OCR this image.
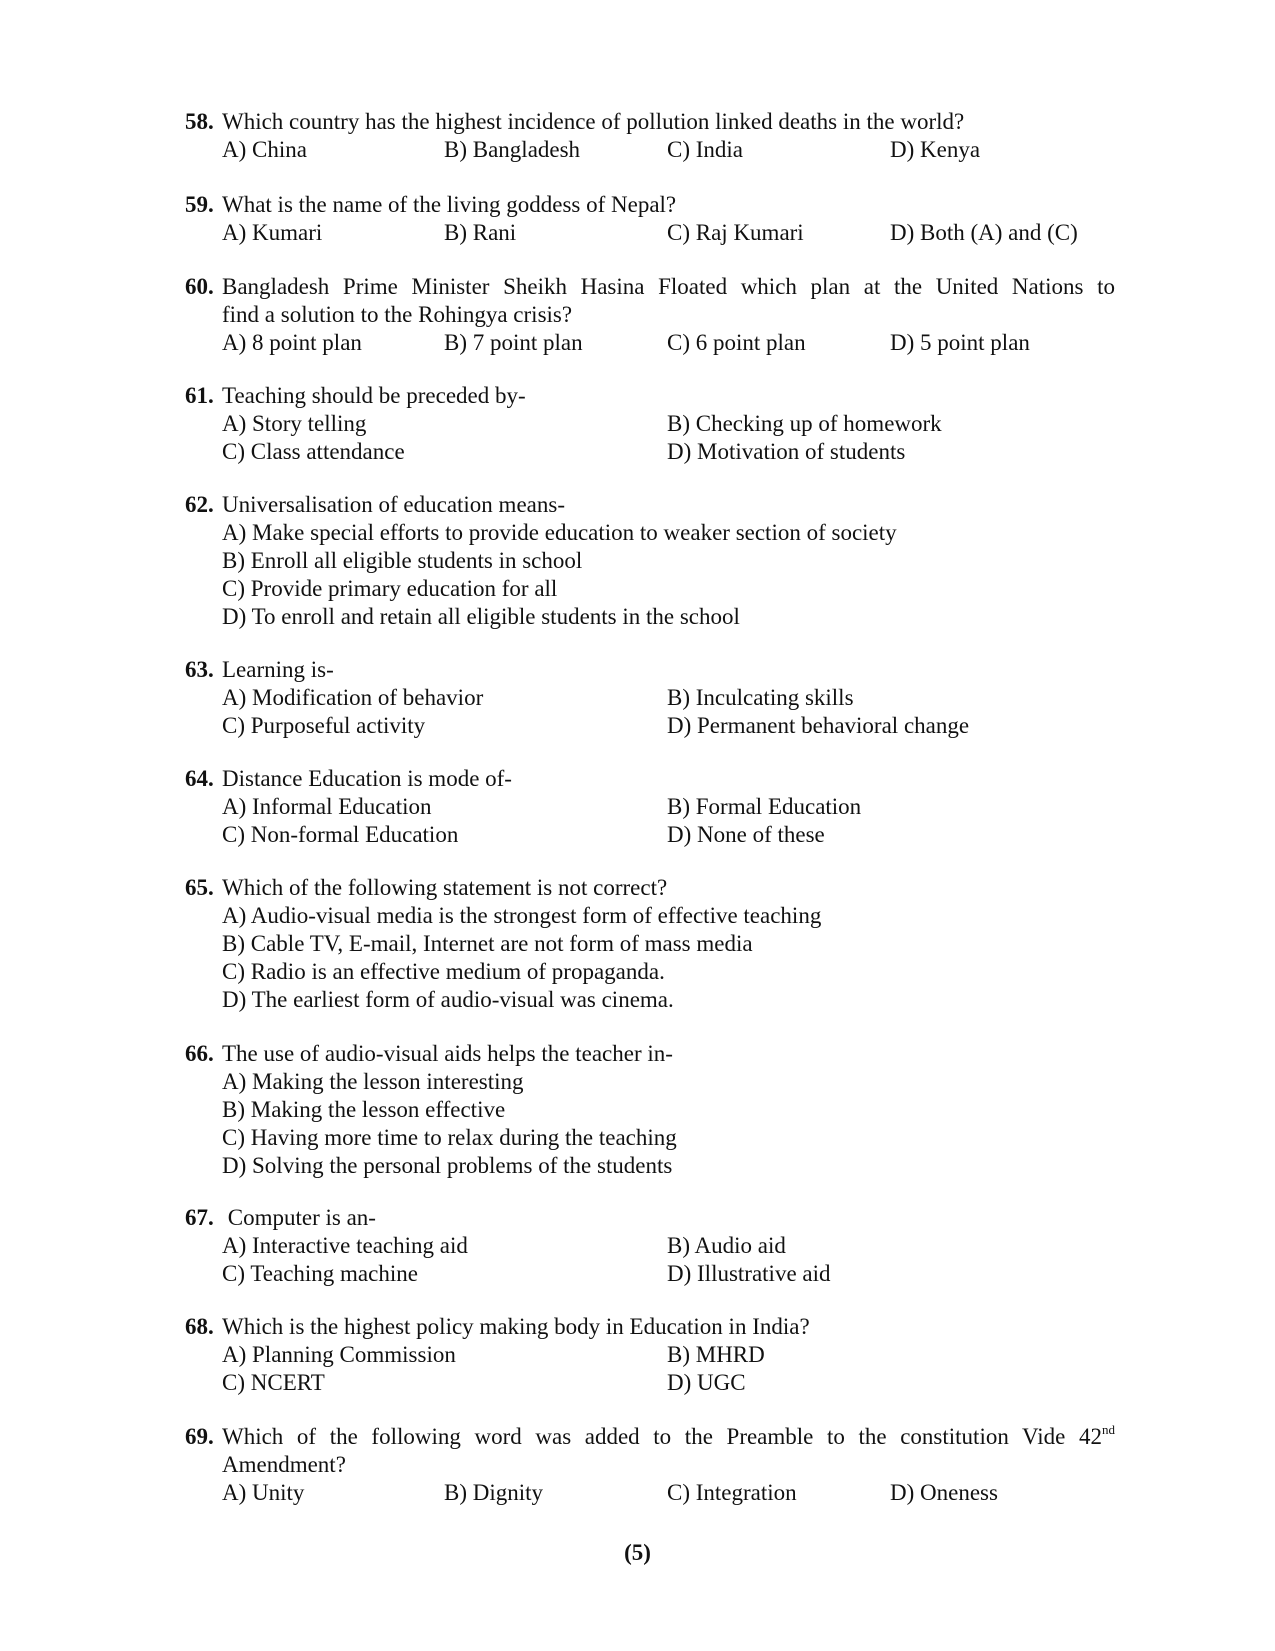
58. Which country has the highest incidence of pollution linked deaths in the world?
A) China	B) Bangladesh	C) India	D) Kenya
59. What is the name of the living goddess of Nepal?
A) Kumari	B) Rani	C) Raj Kumari	D) Both (A) and (C)
60. Bangladesh Prime Minister Sheikh Hasina Floated which plan at the United Nations to
find a solution to the Rohingya crisis?
A) 8 point plan	B) 7 point plan	C) 6 point plan	D) 5 point plan
61. Teaching should be preceded by-
A) Story telling	B) Checking up of homework
C) Class attendance	D) Motivation of students
62. Universalisation of education means-
A) Make special efforts to provide education to weaker section of society
B) Enroll all eligible students in school
C) Provide primary education for all
D) To enroll and retain all eligible students in the school
63. Learning is-
A) Modification of behavior	B) Inculcating skills
C) Purposeful activity	D) Permanent behavioral change
64. Distance Education is mode of-
A) Informal Education	B) Formal Education
C) Non-formal Education	D) None of these
65. Which of the following statement is not correct?
A) Audio-visual media is the strongest form of effective teaching
B) Cable TV, E-mail, Internet are not form of mass media
C) Radio is an effective medium of propaganda.
D) The earliest form of audio-visual was cinema.
66. The use of audio-visual aids helps the teacher in-
A) Making the lesson interesting
B) Making the lesson effective
C) Having more time to relax during the teaching
D) Solving the personal problems of the students
67. Computer is an-
A) Interactive teaching aid	B) Audio aid
C) Teaching machine	D) Illustrative aid
68. Which is the highest policy making body in Education in India?
A) Planning Commission	B) MHRD
C) NCERT	D) UGC
69. Which of the following word was added to the Preamble to the constitution Vide 42nd
Amendment?
A) Unity	B) Dignity	C) Integration	D) Oneness
(5)
